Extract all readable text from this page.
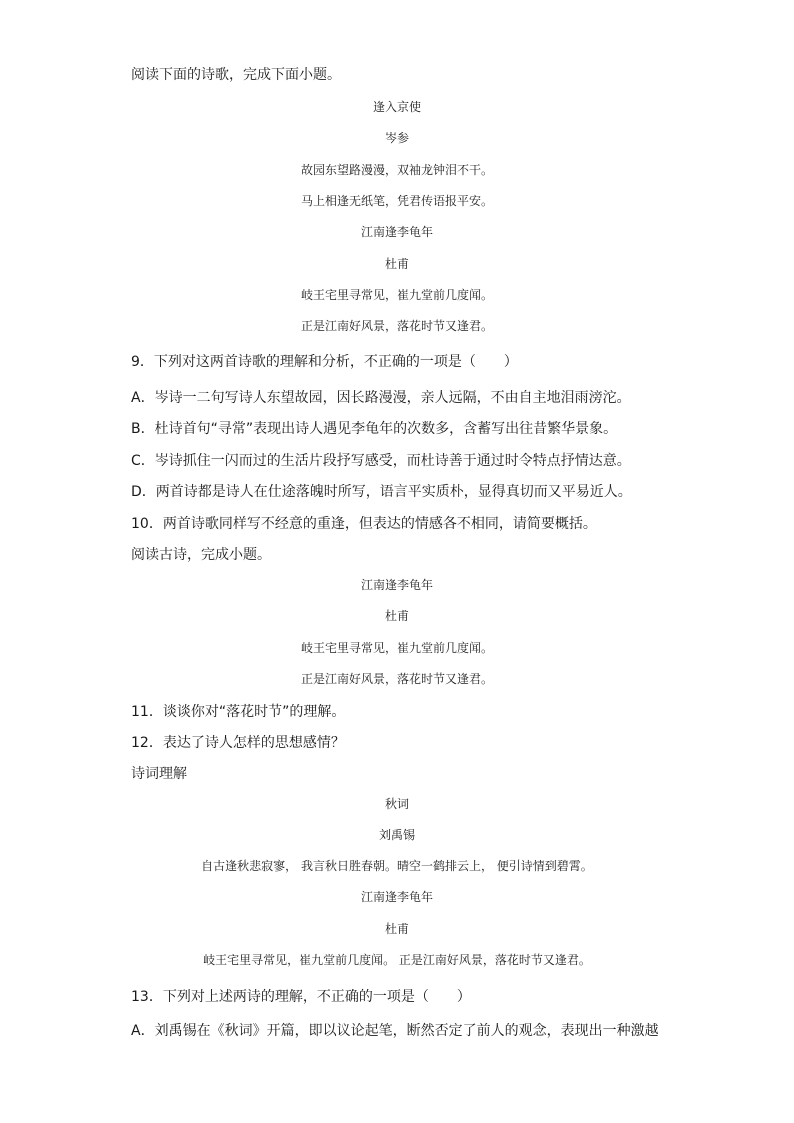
阅读下面的诗歌，完成下面小题。
逢入京使
岑参
故园东望路漫漫，双袖龙钟泪不干。
马上相逢无纸笔，凭君传语报平安。
江南逢李龟年
杜甫
岐王宅里寻常见，崔九堂前几度闻。
正是江南好风景，落花时节又逢君。
9．下列对这两首诗歌的理解和分析，不正确的一项是（　　）
A．岑诗一二句写诗人东望故园，因长路漫漫，亲人远隔，不由自主地泪雨滂沱。
B．杜诗首句“寻常”表现出诗人遇见李龟年的次数多，含蓄写出往昔繁华景象。
C．岑诗抓住一闪而过的生活片段抒写感受，而杜诗善于通过时令特点抒情达意。
D．两首诗都是诗人在仕途落魄时所写，语言平实质朴，显得真切而又平易近人。
10．两首诗歌同样写不经意的重逢，但表达的情感各不相同，请简要概括。
阅读古诗，完成小题。
江南逢李龟年
杜甫
岐王宅里寻常见，崔九堂前几度闻。
正是江南好风景，落花时节又逢君。
11．谈谈你对“落花时节”的理解。
12．表达了诗人怎样的思想感情？
诗词理解
秋词
刘禹锡
自古逢秋悲寂寥， 我言秋日胜春朝。晴空一鹤排云上， 便引诗情到碧霄。
江南逢李龟年
杜甫
岐王宅里寻常见，崔九堂前几度闻。 正是江南好风景，落花时节又逢君。
13．下列对上述两诗的理解，不正确的一项是（　　）
A．刘禹锡在《秋词》开篇，即以议论起笔，断然否定了前人的观念，表现出一种激越
